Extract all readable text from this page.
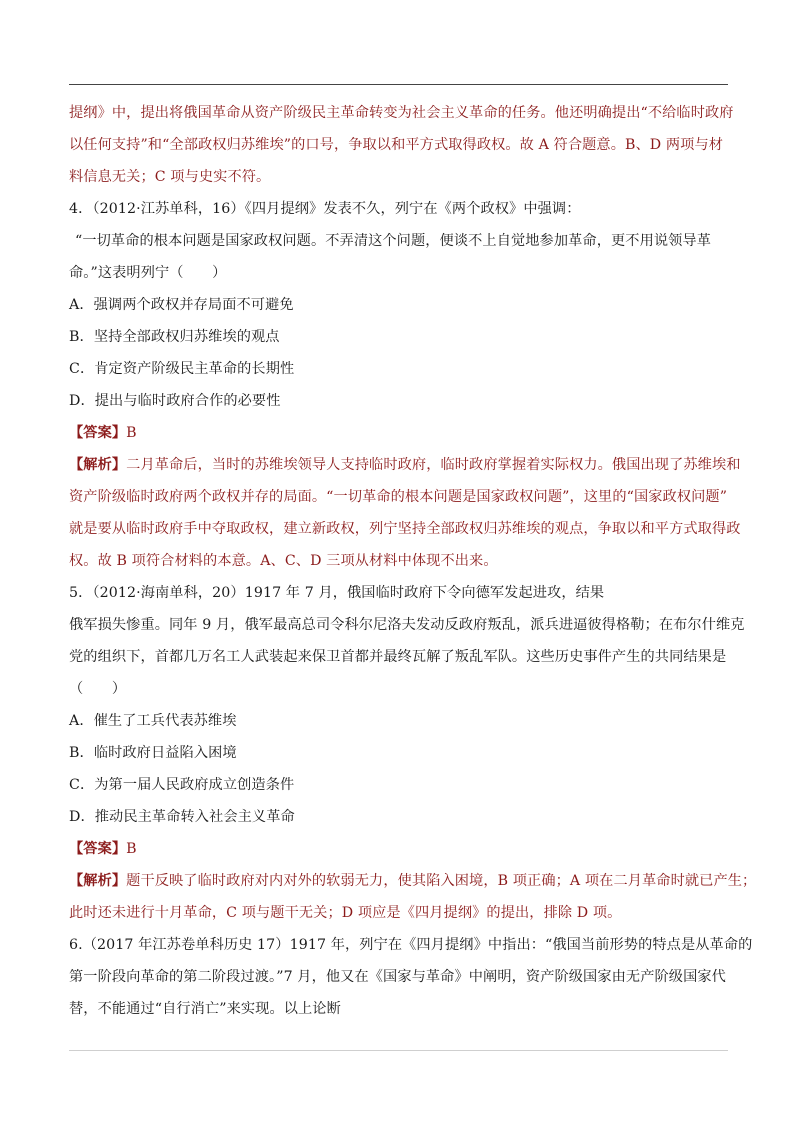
提纲》中，提出将俄国革命从资产阶级民主革命转变为社会主义革命的任务。他还明确提出“不给临时政府
以任何支持”和“全部政权归苏维埃”的口号，争取以和平方式取得政权。故 A 符合题意。B、D 两项与材
料信息无关；C 项与史实不符。
4．（2012·江苏单科，16）《四月提纲》发表不久，列宁在《两个政权》中强调：
“一切革命的根本问题是国家政权问题。不弄清这个问题，便谈不上自觉地参加革命，更不用说领导革
命。”这表明列宁（　　）
A．强调两个政权并存局面不可避免
B．坚持全部政权归苏维埃的观点
C．肯定资产阶级民主革命的长期性
D．提出与临时政府合作的必要性
【答案】B
【解析】二月革命后，当时的苏维埃领导人支持临时政府，临时政府掌握着实际权力。俄国出现了苏维埃和
资产阶级临时政府两个政权并存的局面。“一切革命的根本问题是国家政权问题”，这里的“国家政权问题”
就是要从临时政府手中夺取政权，建立新政权，列宁坚持全部政权归苏维埃的观点，争取以和平方式取得政
权。故 B 项符合材料的本意。A、C、D 三项从材料中体现不出来。
5．（2012·海南单科，20）1917 年 7 月，俄国临时政府下令向德军发起进攻，结果
俄军损失惨重。同年 9 月，俄军最高总司令科尔尼洛夫发动反政府叛乱，派兵进逼彼得格勒；在布尔什维克
党的组织下，首都几万名工人武装起来保卫首都并最终瓦解了叛乱军队。这些历史事件产生的共同结果是
（　　）
A．催生了工兵代表苏维埃
B．临时政府日益陷入困境
C．为第一届人民政府成立创造条件
D．推动民主革命转入社会主义革命
【答案】B
【解析】题干反映了临时政府对内对外的软弱无力，使其陷入困境，B 项正确；A 项在二月革命时就已产生；
此时还未进行十月革命，C 项与题干无关；D 项应是《四月提纲》的提出，排除 D 项。
6.（2017 年江苏卷单科历史 17）1917 年，列宁在《四月提纲》中指出：“俄国当前形势的特点是从革命的
第一阶段向革命的第二阶段过渡。”7 月，他又在《国家与革命》中阐明，资产阶级国家由无产阶级国家代
替，不能通过“自行消亡”来实现。以上论断
